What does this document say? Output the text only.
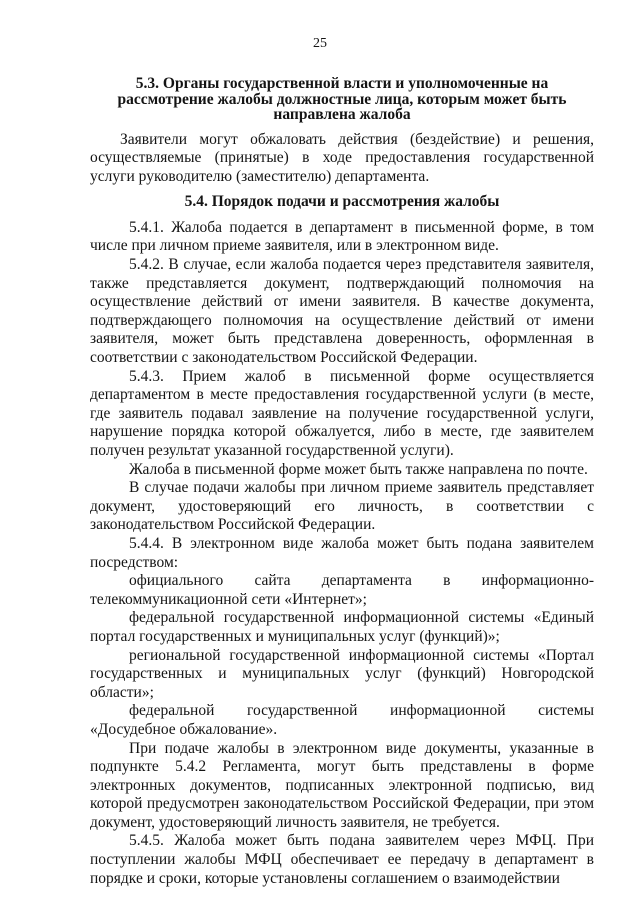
25
5.3. Органы государственной власти и уполномоченные на
рассмотрение жалобы должностные лица, которым может быть
направлена жалоба

Заявители могут обжаловать действия (бездействие) и решения, осуществляемые (принятые) в ходе предоставления государственной услуги руководителю (заместителю) департамента.

5.4. Порядок подачи и рассмотрения жалобы

5.4.1. Жалоба подается в департамент в письменной форме, в том числе при личном приеме заявителя, или в электронном виде.

5.4.2. В случае, если жалоба подается через представителя заявителя, также представляется документ, подтверждающий полномочия на осуществление действий от имени заявителя. В качестве документа, подтверждающего полномочия на осуществление действий от имени заявителя, может быть представлена доверенность, оформленная в соответствии с законодательством Российской Федерации.

5.4.3. Прием жалоб в письменной форме осуществляется департаментом в месте предоставления государственной услуги (в месте, где заявитель подавал заявление на получение государственной услуги, нарушение порядка которой обжалуется, либо в месте, где заявителем получен результат указанной государственной услуги).

Жалоба в письменной форме может быть также направлена по почте.

В случае подачи жалобы при личном приеме заявитель представляет документ, удостоверяющий его личность, в соответствии с законодательством Российской Федерации.

5.4.4. В электронном виде жалоба может быть подана заявителем посредством:

официального сайта департамента в информационно-телекоммуникационной сети «Интернет»;

федеральной государственной информационной системы «Единый портал государственных и муниципальных услуг (функций)»;

региональной государственной информационной системы «Портал государственных и муниципальных услуг (функций) Новгородской области»;

федеральной государственной информационной системы «Досудебное обжалование».

При подаче жалобы в электронном виде документы, указанные в подпункте 5.4.2 Регламента, могут быть представлены в форме электронных документов, подписанных электронной подписью, вид которой предусмотрен законодательством Российской Федерации, при этом документ, удостоверяющий личность заявителя, не требуется.

5.4.5. Жалоба может быть подана заявителем через МФЦ. При поступлении жалобы МФЦ обеспечивает ее передачу в департамент в порядке и сроки, которые установлены соглашением о взаимодействии
